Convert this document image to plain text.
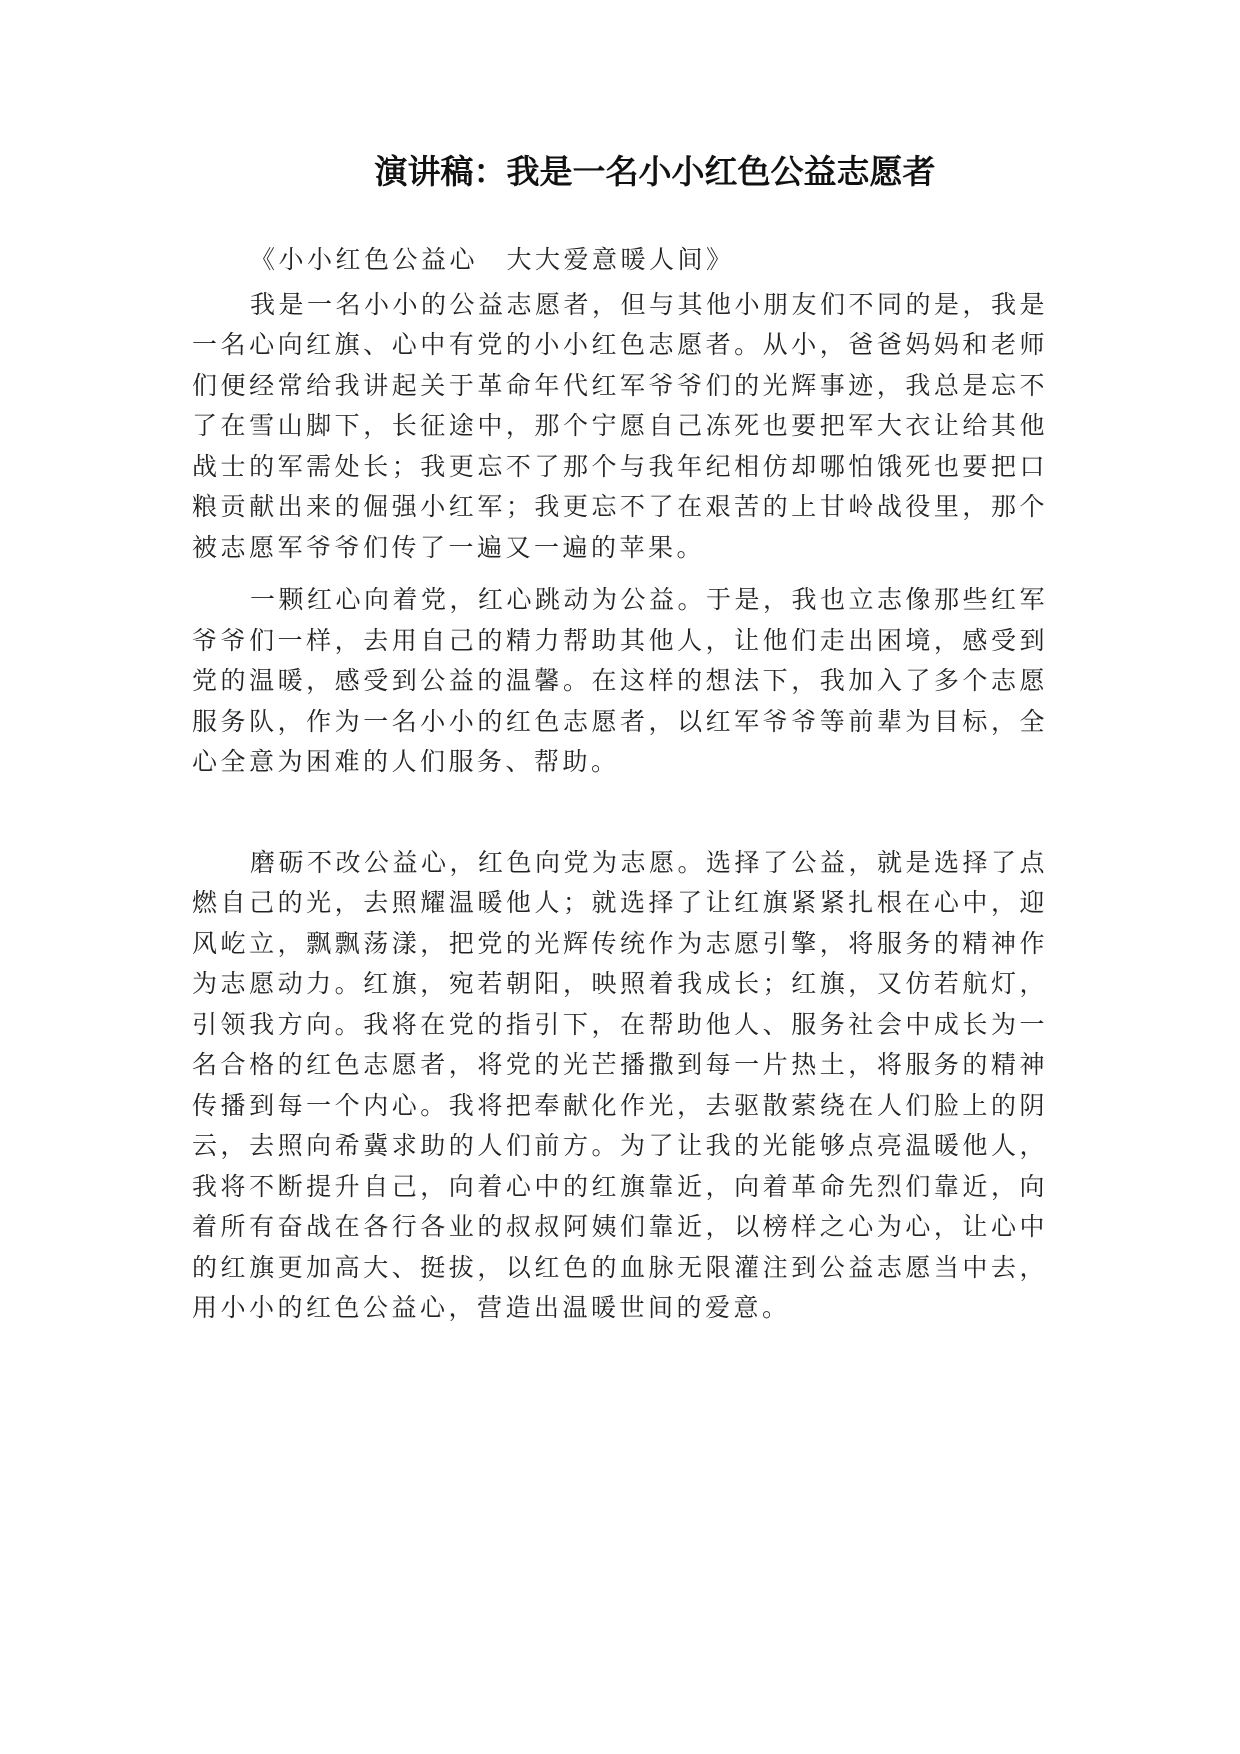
演讲稿：我是一名小小红色公益志愿者

《小小红色公益心　大大爱意暖人间》

我是一名小小的公益志愿者，但与其他小朋友们不同的是，我是一名心向红旗、心中有党的小小红色志愿者。从小，爸爸妈妈和老师们便经常给我讲起关于革命年代红军爷爷们的光辉事迹，我总是忘不了在雪山脚下，长征途中，那个宁愿自己冻死也要把军大衣让给其他战士的军需处长；我更忘不了那个与我年纪相仿却哪怕饿死也要把口粮贡献出来的倔强小红军；我更忘不了在艰苦的上甘岭战役里，那个被志愿军爷爷们传了一遍又一遍的苹果。

一颗红心向着党，红心跳动为公益。于是，我也立志像那些红军爷爷们一样，去用自己的精力帮助其他人，让他们走出困境，感受到党的温暖，感受到公益的温馨。在这样的想法下，我加入了多个志愿服务队，作为一名小小的红色志愿者，以红军爷爷等前辈为目标，全心全意为困难的人们服务、帮助。

磨砺不改公益心，红色向党为志愿。选择了公益，就是选择了点燃自己的光，去照耀温暖他人；就选择了让红旗紧紧扎根在心中，迎风屹立，飘飘荡漾，把党的光辉传统作为志愿引擎，将服务的精神作为志愿动力。红旗，宛若朝阳，映照着我成长；红旗，又仿若航灯，引领我方向。我将在党的指引下，在帮助他人、服务社会中成长为一名合格的红色志愿者，将党的光芒播撒到每一片热土，将服务的精神传播到每一个内心。我将把奉献化作光，去驱散萦绕在人们脸上的阴云，去照向希冀求助的人们前方。为了让我的光能够点亮温暖他人，我将不断提升自己，向着心中的红旗靠近，向着革命先烈们靠近，向着所有奋战在各行各业的叔叔阿姨们靠近，以榜样之心为心，让心中的红旗更加高大、挺拔，以红色的血脉无限灌注到公益志愿当中去，用小小的红色公益心，营造出温暖世间的爱意。
